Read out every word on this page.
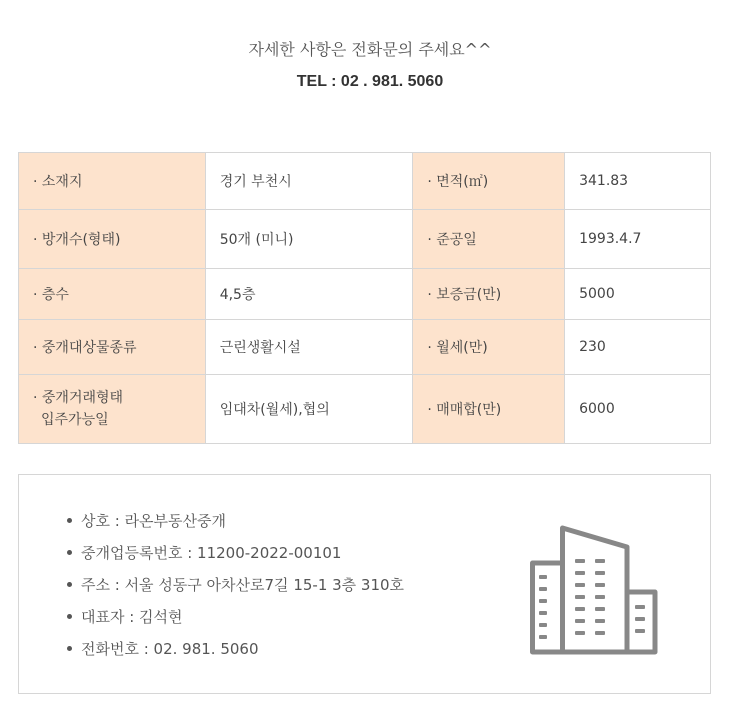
자세한 사항은 전화문의 주세요^^
TEL : 02 . 981. 5060
· 소재지	경기 부천시	· 면적(㎡)	341.83
· 방개수(형태)	50개 (미니)	· 준공일	1993.4.7
· 층수	4,5층	· 보증금(만)	5000
· 중개대상물종류	근린생활시설	· 월세(만)	230

· 중개거래형태
입주가능일	임대차(월세),협의	· 매매합(만)	6000
상호 : 라온부동산중개
중개업등록번호 : 11200-2022-00101
주소 : 서울 성동구 아차산로7길 15-1 3층 310호
대표자 : 김석현
전화번호 : 02. 981. 5060
